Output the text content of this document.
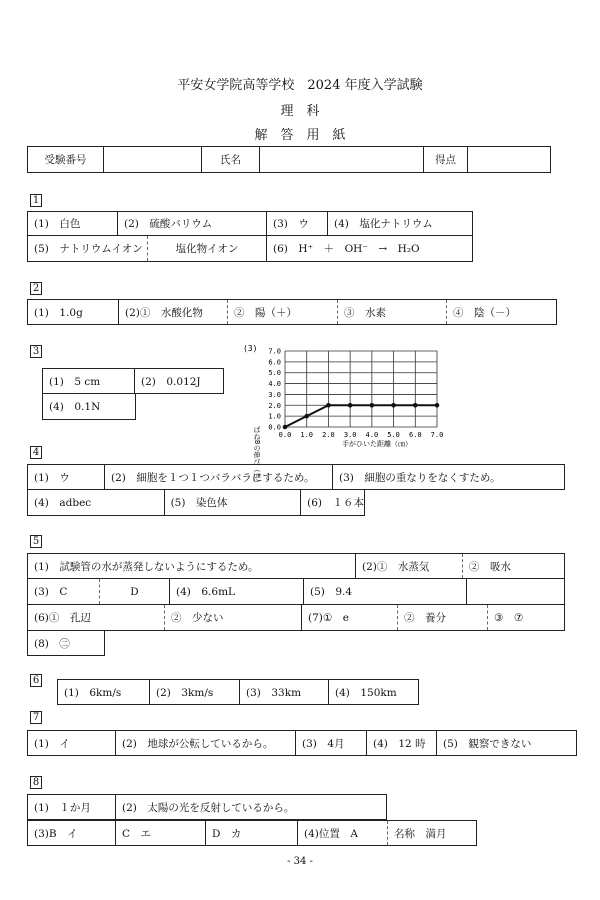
平安女学院高等学校　2024 年度入学試験
理　科
解　答　用　紙
受験番号	氏名	得点
1
(1)　白色	(2)　硫酸バリウム	(3)　ウ	(4)　塩化ナトリウム
(5)　ナトリウムイオン	塩化物イオン	(6)　H⁺　＋　OH⁻　→　H₂O
2
(1)　1.0g	(2)①　水酸化物	②　陽（＋）	③　水素	④　陰（－）
3
(1)　5 cm	(2)　0.012J
(4)　0.1N
(3)
ばねBの伸び（㎝） 0.0
1.0
2.0
3.0
4.0
5.0
6.0
7.0
0.0 1.0 2.0 3.0 4.0 5.0 6.0 7.0
手がひいた距離（㎝）
4
(1)　ウ	(2)　細胞を１つ１つバラバラにするため。	(3)　細胞の重なりをなくすため。
(4)　adbec	(5)　染色体	(6)　１６本
5
(1)　試験管の水が蒸発しないようにするため。	(2)①　水蒸気	②　吸水
(3)　C	D	(4)　6.6mL	(5)　9.4
(6)①　孔辺	②　少ない	(7)①　e	②　養分	③　⑦
(8)　㊁
6
(1)　6km/s	(2)　3km/s	(3)　33km	(4)　150km
7
(1)　イ	(2)　地球が公転しているから。	(3)　4月	(4)　12 時	(5)　観察できない
8
(1)　１か月	(2)　太陽の光を反射しているから。
(3)B　イ	C　エ	D　カ	(4)位置　A	名称　満月
- 34 -
